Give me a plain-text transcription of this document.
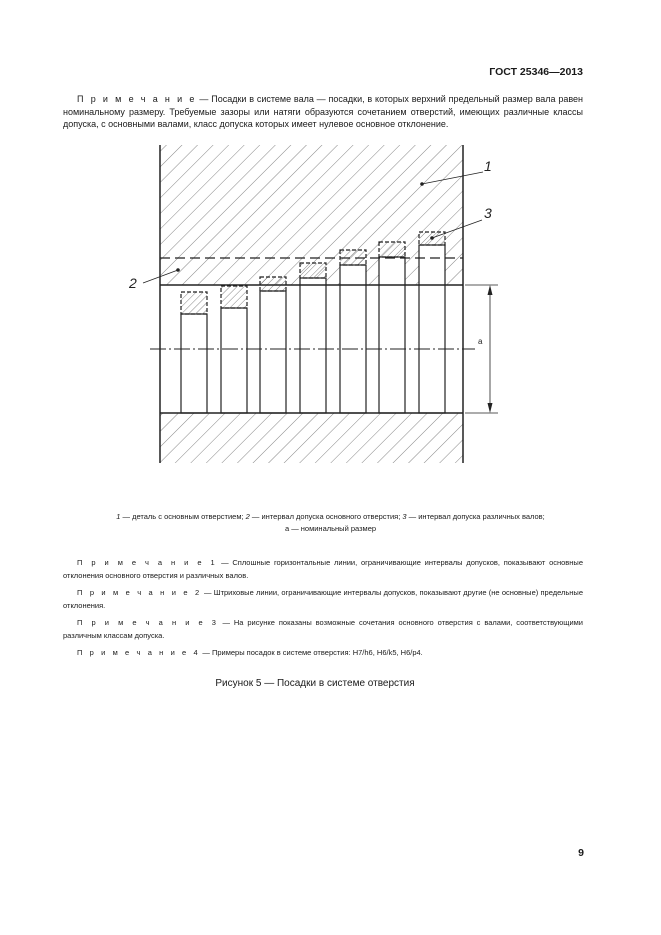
ГОСТ 25346—2013
П р и м е ч а н и е — Посадки в системе вала — посадки, в которых верхний предельный размер вала равен номинальному размеру. Требуемые зазоры или натяги образуются сочетанием отверстий, имеющих различные классы допуска, с основными валами, класс допуска которых имеет нулевое основное отклонение.
а
1
3
2
1 — деталь с основным отверстием; 2 — интервал допуска основного отверстия; 3 — интервал допуска различных валов;
а — номинальный размер

П р и м е ч а н и е 1 — Сплошные горизонтальные линии, ограничивающие интервалы допусков, показывают основные отклонения основного отверстия и различных валов.

П р и м е ч а н и е 2 — Штриховые линии, ограничивающие интервалы допусков, показывают другие (не основные) предельные отклонения.

П р и м е ч а н и е 3 — На рисунке показаны возможные сочетания основного отверстия с валами, соответствующими различным классам допуска.

П р и м е ч а н и е 4 — Примеры посадок в системе отверстия: H7/h6, H6/k5, H6/p4.

Рисунок 5 — Посадки в системе отверстия
9
